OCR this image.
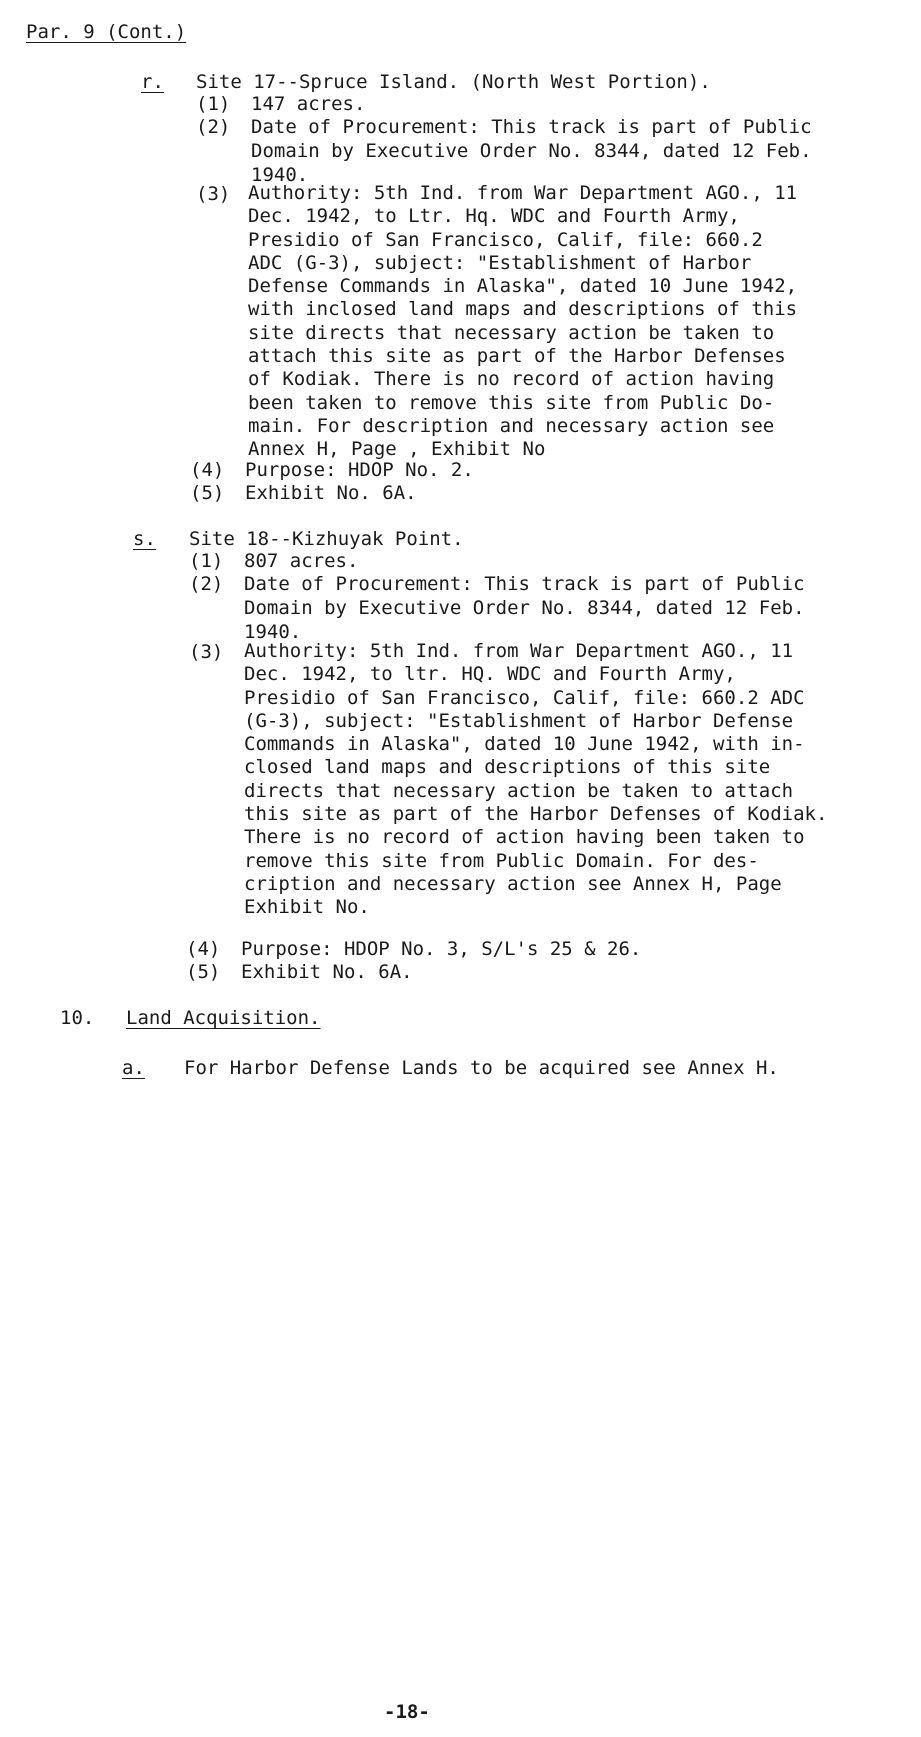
Par. 9 (Cont.)
r. Site 17--Spruce Island. (North West Portion).
(1) 147 acres.
(2) Date of Procurement: This track is part of Public
Domain by Executive Order No. 8344, dated 12 Feb.
1940.
(3) Authority: 5th Ind. from War Department AGO., 11
Dec. 1942, to Ltr. Hq. WDC and Fourth Army,
Presidio of San Francisco, Calif, file: 660.2
ADC (G-3), subject: "Establishment of Harbor
Defense Commands in Alaska", dated 10 June 1942,
with inclosed land maps and descriptions of this
site directs that necessary action be taken to
attach this site as part of the Harbor Defenses
of Kodiak. There is no record of action having
been taken to remove this site from Public Do-
main. For description and necessary action see
Annex H, Page , Exhibit No
(4) Purpose: HDOP No. 2.
(5) Exhibit No. 6A.
s. Site 18--Kizhuyak Point.
(1) 807 acres.
(2) Date of Procurement: This track is part of Public
Domain by Executive Order No. 8344, dated 12 Feb.
1940.
(3) Authority: 5th Ind. from War Department AGO., 11
Dec. 1942, to ltr. HQ. WDC and Fourth Army,
Presidio of San Francisco, Calif, file: 660.2 ADC
(G-3), subject: "Establishment of Harbor Defense
Commands in Alaska", dated 10 June 1942, with in-
closed land maps and descriptions of this site
directs that necessary action be taken to attach
this site as part of the Harbor Defenses of Kodiak.
There is no record of action having been taken to
remove this site from Public Domain. For des-
cription and necessary action see Annex H, Page
Exhibit No.
(4) Purpose: HDOP No. 3, S/L's 25 & 26.
(5) Exhibit No. 6A.
10. Land Acquisition.
a. For Harbor Defense Lands to be acquired see Annex H.
-18-
